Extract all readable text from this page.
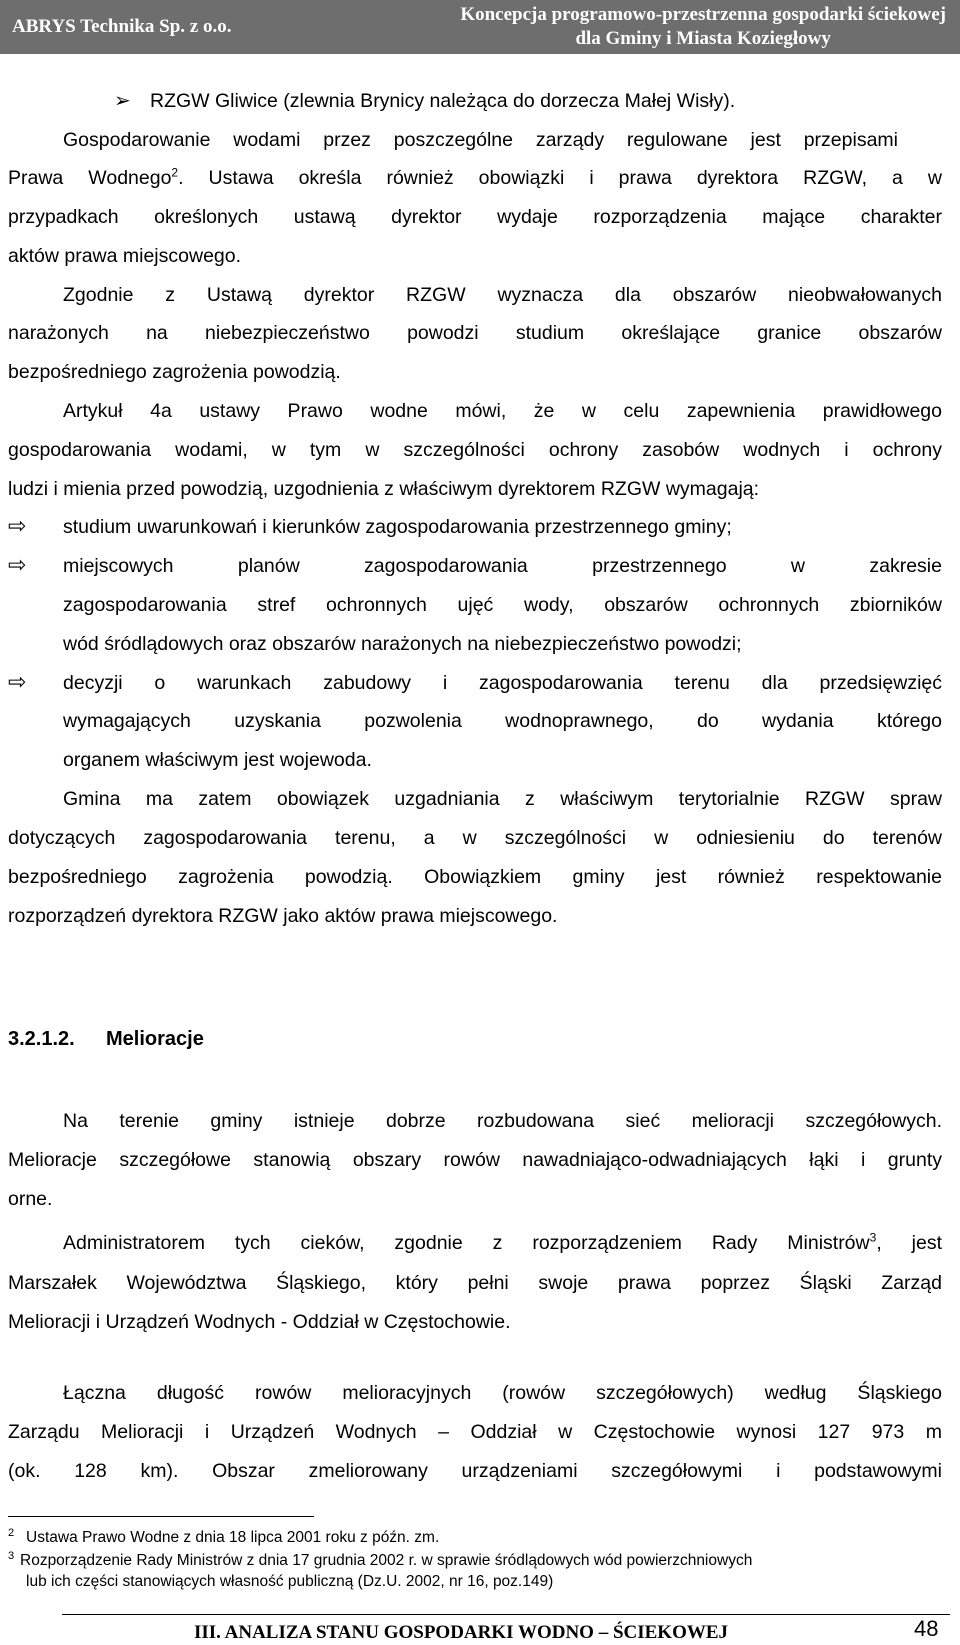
ABRYS Technika Sp. z o.o.
Koncepcja programowo-przestrzenna gospodarki ściekowej
dla Gminy i Miasta Koziegłowy
➢ RZGW Gliwice (zlewnia Brynicy należąca do dorzecza Małej Wisły).
Gospodarowanie wodami przez poszczególne zarządy regulowane jest przepisami
Prawa Wodnego$^2$. Ustawa określa również obowiązki i prawa dyrektora RZGW, a w
przypadkach określonych ustawą dyrektor wydaje rozporządzenia mające charakter
aktów prawa miejscowego.
Zgodnie z Ustawą dyrektor RZGW wyznacza dla obszarów nieobwałowanych
narażonych na niebezpieczeństwo powodzi studium określające granice obszarów
bezpośredniego zagrożenia powodzią.
Artykuł 4a ustawy Prawo wodne mówi, że w celu zapewnienia prawidłowego
gospodarowania wodami, w tym w szczególności ochrony zasobów wodnych i ochrony
ludzi i mienia przed powodzią, uzgodnienia z właściwym dyrektorem RZGW wymagają:
⇨ studium uwarunkowań i kierunków zagospodarowania przestrzennego gminy;
⇨ miejscowych planów zagospodarowania przestrzennego w zakresie
zagospodarowania stref ochronnych ujęć wody, obszarów ochronnych zbiorników
wód śródlądowych oraz obszarów narażonych na niebezpieczeństwo powodzi;
⇨ decyzji o warunkach zabudowy i zagospodarowania terenu dla przedsięwzięć
wymagających uzyskania pozwolenia wodnoprawnego, do wydania którego
organem właściwym jest wojewoda.
Gmina ma zatem obowiązek uzgadniania z właściwym terytorialnie RZGW spraw
dotyczących zagospodarowania terenu, a w szczególności w odniesieniu do terenów
bezpośredniego zagrożenia powodzią. Obowiązkiem gminy jest również respektowanie
rozporządzeń dyrektora RZGW jako aktów prawa miejscowego.
3.2.1.2. Melioracje
Na terenie gminy istnieje dobrze rozbudowana sieć melioracji szczegółowych.
Melioracje szczegółowe stanowią obszary rowów nawadniająco-odwadniających łąki i grunty
orne.
Administratorem tych cieków, zgodnie z rozporządzeniem Rady Ministrów$^3$, jest
Marszałek Województwa Śląskiego, który pełni swoje prawa poprzez Śląski Zarząd
Melioracji i Urządzeń Wodnych - Oddział w Częstochowie.
Łączna długość rowów melioracyjnych (rowów szczegółowych) według Śląskiego
Zarządu Melioracji i Urządzeń Wodnych – Oddział w Częstochowie wynosi 127 973 m
(ok. 128 km). Obszar zmeliorowany urządzeniami szczegółowymi i podstawowymi
2 Ustawa Prawo Wodne z dnia 18 lipca 2001 roku z późn. zm.
3 Rozporządzenie Rady Ministrów z dnia 17 grudnia 2002 r. w sprawie śródlądowych wód powierzchniowych
lub ich części stanowiących własność publiczną (Dz.U. 2002, nr 16, poz.149)
III. ANALIZA STANU GOSPODARKI WODNO – ŚCIEKOWEJ	48
